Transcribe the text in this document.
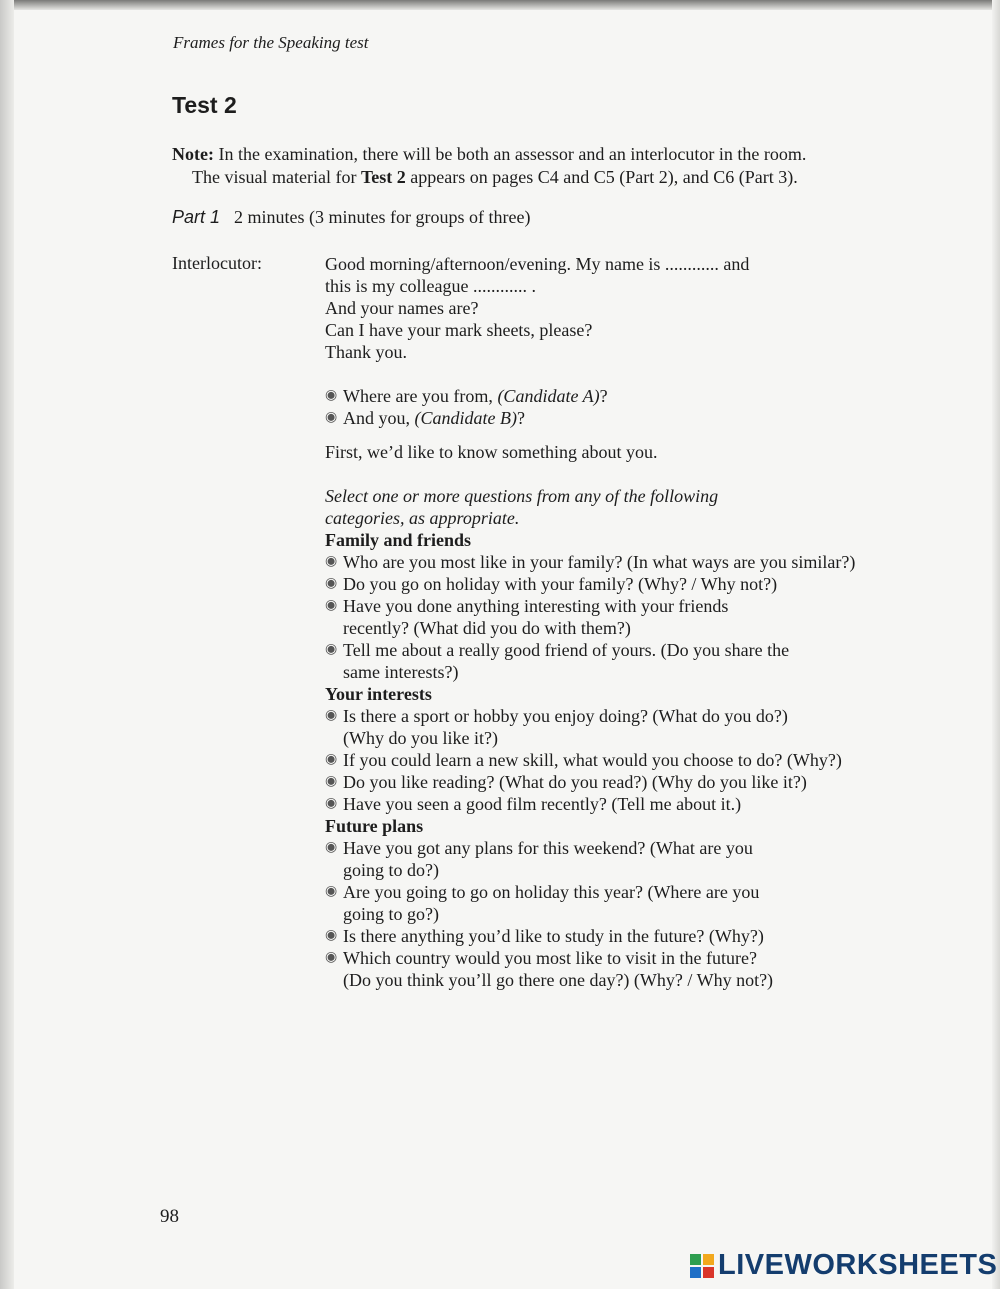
Frames for the Speaking test
Test 2

Note: In the examination, there will be both an assessor and an interlocutor in the room.

The visual material for Test 2 appears on pages C4 and C5 (Part 2), and C6 (Part 3).

Part 1 2 minutes (3 minutes for groups of three)
Interlocutor:	Good morning/afternoon/evening. My name is ............ and

this is my colleague ............ .

And your names are?

Can I have your mark sheets, please?

Thank you.

◉ Where are you from, (Candidate A)?
◉ And you, (Candidate B)?

First, we’d like to know something about you.

Select one or more questions from any of the following

categories, as appropriate.

Family and friends

◉ Who are you most like in your family? (In what ways are you similar?)
◉ Do you go on holiday with your family? (Why? / Why not?)
◉ Have you done anything interesting with your friends
recently? (What did you do with them?)
◉ Tell me about a really good friend of yours. (Do you share the
same interests?)

Your interests

◉ Is there a sport or hobby you enjoy doing? (What do you do?)
(Why do you like it?)
◉ If you could learn a new skill, what would you choose to do? (Why?)
◉ Do you like reading? (What do you read?) (Why do you like it?)
◉ Have you seen a good film recently? (Tell me about it.)

Future plans

◉ Have you got any plans for this weekend? (What are you
going to do?)
◉ Are you going to go on holiday this year? (Where are you
going to go?)
◉ Is there anything you’d like to study in the future? (Why?)
◉ Which country would you most like to visit in the future?
(Do you think you’ll go there one day?) (Why? / Why not?)
98
LIVEWORKSHEETS
